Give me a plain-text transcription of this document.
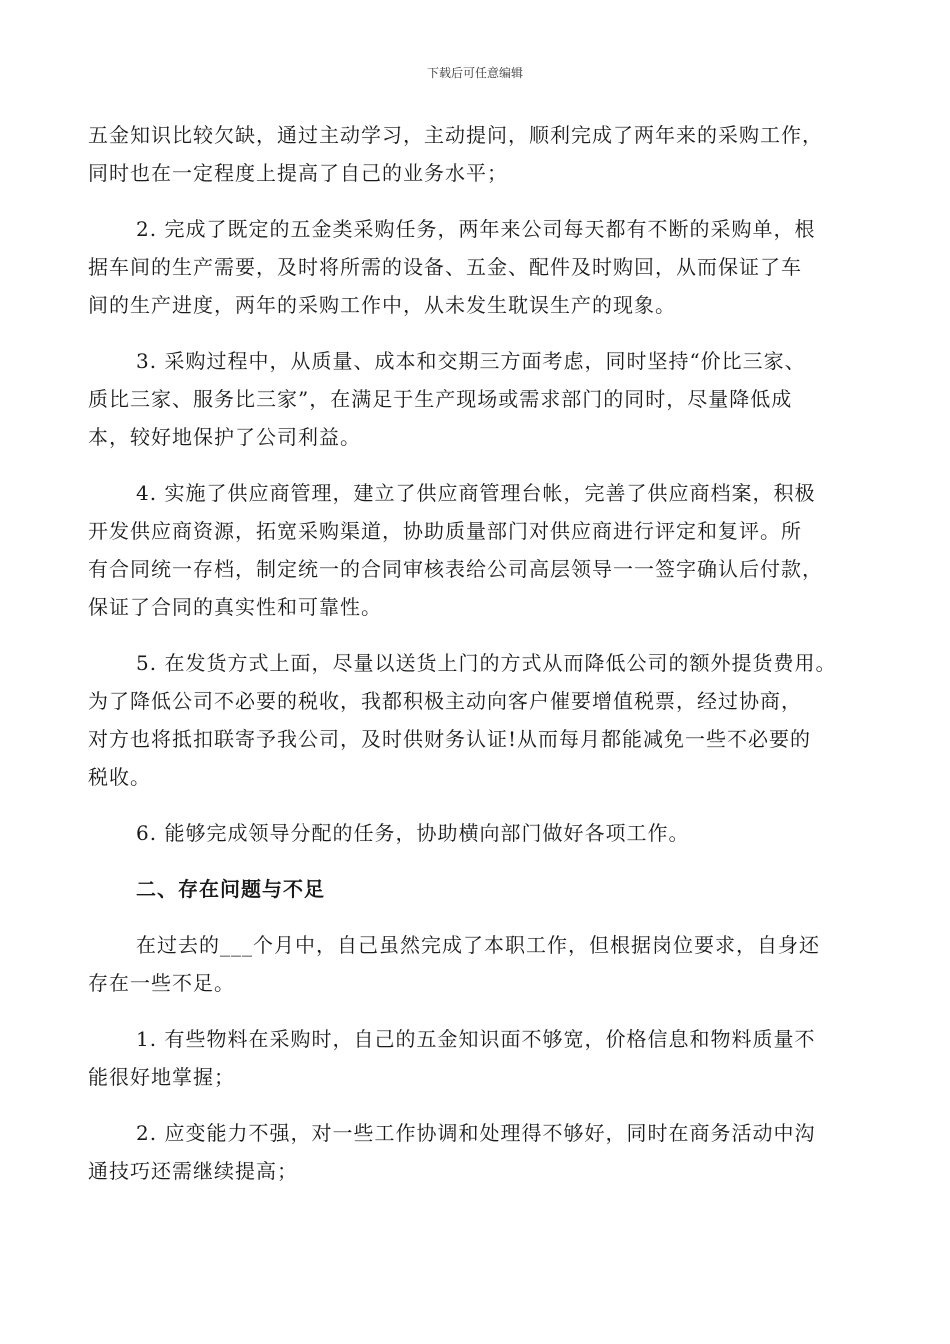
下载后可任意编辑

五金知识比较欠缺，通过主动学习，主动提问，顺利完成了两年来的采购工作，
同时也在一定程度上提高了自己的业务水平；

2. 完成了既定的五金类采购任务，两年来公司每天都有不断的采购单，根
据车间的生产需要，及时将所需的设备、五金、配件及时购回，从而保证了车
间的生产进度，两年的采购工作中，从未发生耽误生产的现象。

3. 采购过程中，从质量、成本和交期三方面考虑，同时坚持“价比三家、
质比三家、服务比三家”，在满足于生产现场或需求部门的同时，尽量降低成
本，较好地保护了公司利益。

4. 实施了供应商管理，建立了供应商管理台帐，完善了供应商档案，积极
开发供应商资源，拓宽采购渠道，协助质量部门对供应商进行评定和复评。所
有合同统一存档，制定统一的合同审核表给公司高层领导一一签字确认后付款，
保证了合同的真实性和可靠性。

5. 在发货方式上面，尽量以送货上门的方式从而降低公司的额外提货费用。
为了降低公司不必要的税收，我都积极主动向客户催要增值税票，经过协商，
对方也将抵扣联寄予我公司，及时供财务认证!从而每月都能减免一些不必要的
税收。

6. 能够完成领导分配的任务，协助横向部门做好各项工作。

二、存在问题与不足

在过去的___个月中，自己虽然完成了本职工作，但根据岗位要求，自身还
存在一些不足。

1. 有些物料在采购时，自己的五金知识面不够宽，价格信息和物料质量不
能很好地掌握；

2. 应变能力不强，对一些工作协调和处理得不够好，同时在商务活动中沟
通技巧还需继续提高；
